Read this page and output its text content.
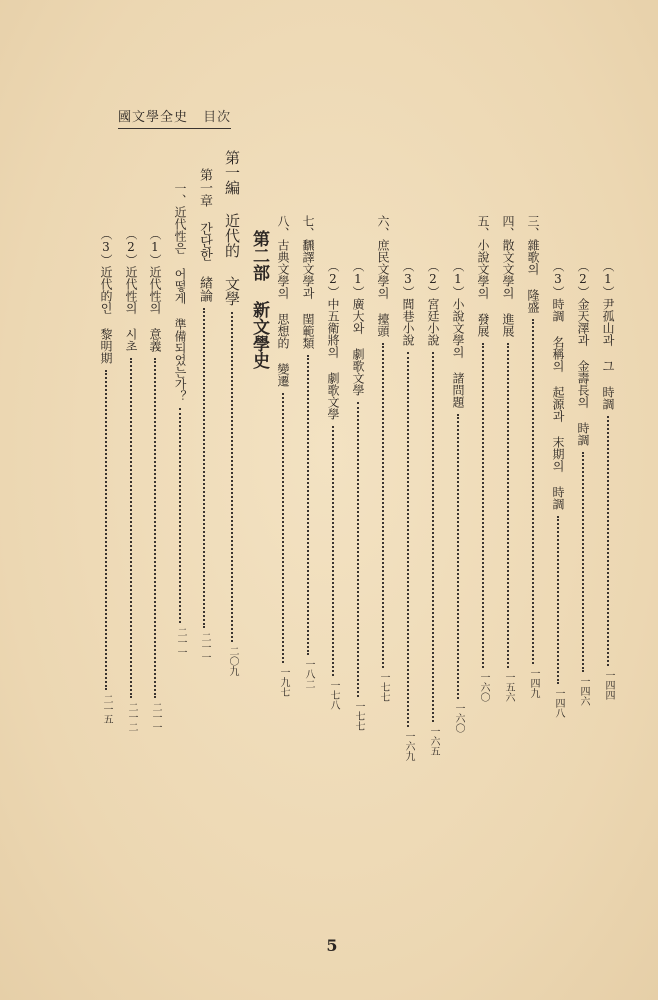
國文學全史 目次
（1）尹孤山과 그 時調一四四
（2）金天澤과 金壽長의 時調一四六
（3）時調 名稱의 起源과 末期의 時調一四八
三、雜歌의 隆盛一四九
四、散文文學의 進展一五六
五、小說文學의 發展一六〇
（1）小說文學의 諸問題一六〇
（2）宮廷小說一六五
（3）閭巷小說一六九
六、庶民文學의 擡頭一七七
（1）廣大와 劇歌文學一七七
（2）中五衛將의 劇歌文學一七八
七、飜譯文學과 閨範類一八二
八、古典文學의 思想的 變遷一九七
第二部 新文學史
第一編 近代的 文學二〇九
第一章 간단한 緖論二一一
一、近代性은 어떻게 準備되었는가？二一一
（1）近代性의 意義二一一
（2）近代性의 시초二一二
（3）近代的인 黎明期二一五
5
